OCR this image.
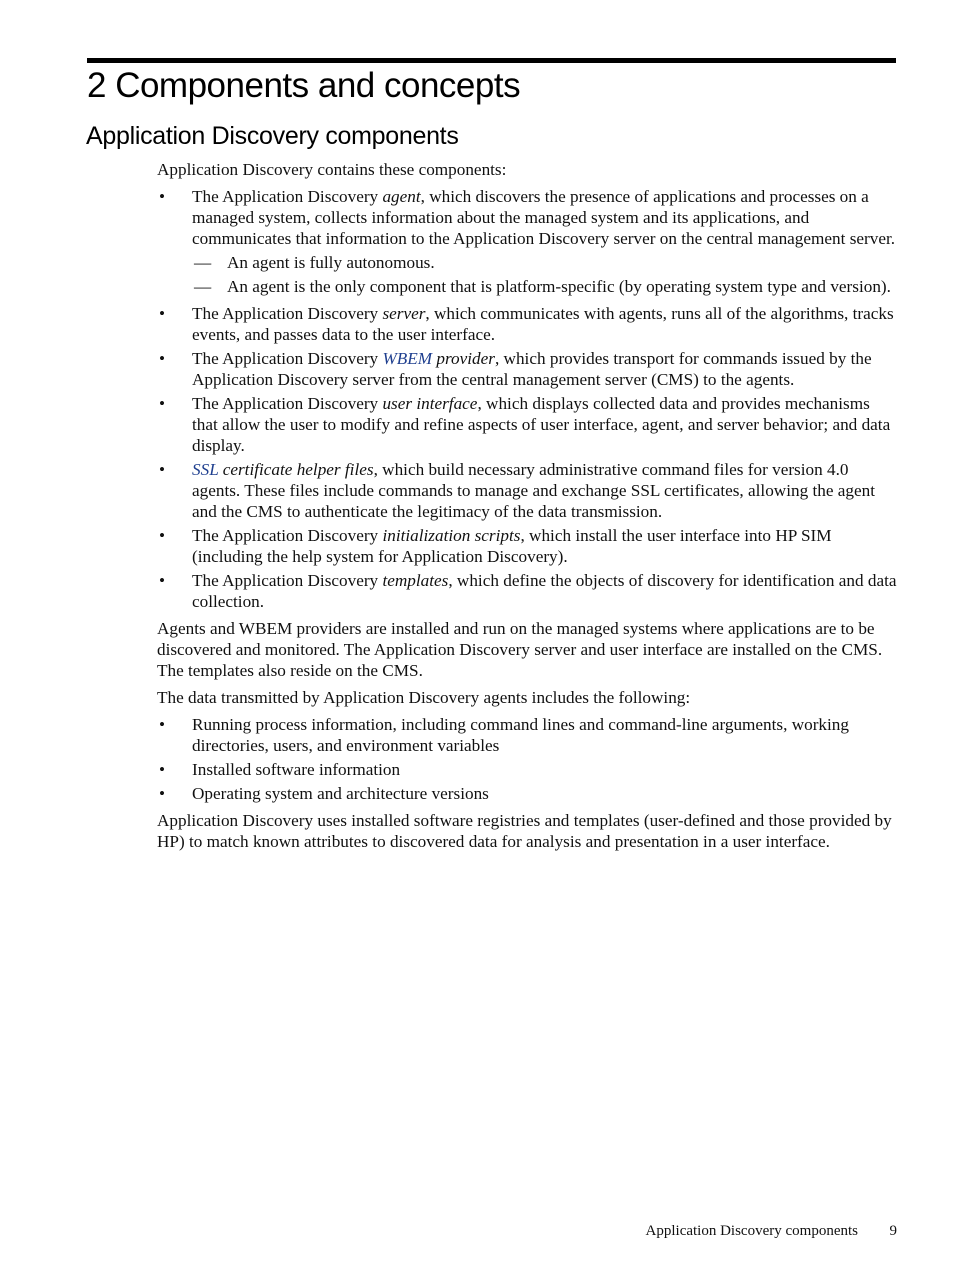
2 Components and concepts
Application Discovery components

Application Discovery contains these components:

• The Application Discovery agent, which discovers the presence of applications and processes on a managed system, collects information about the managed system and its applications, and communicates that information to the Application Discovery server on the central management server.
— An agent is fully autonomous.
— An agent is the only component that is platform-specific (by operating system type and version).
• The Application Discovery server, which communicates with agents, runs all of the algorithms, tracks events, and passes data to the user interface.
• The Application Discovery WBEM provider, which provides transport for commands issued by the Application Discovery server from the central management server (CMS) to the agents.
• The Application Discovery user interface, which displays collected data and provides mechanisms that allow the user to modify and refine aspects of user interface, agent, and server behavior; and data display.
• SSL certificate helper files, which build necessary administrative command files for version 4.0 agents. These files include commands to manage and exchange SSL certificates, allowing the agent and the CMS to authenticate the legitimacy of the data transmission.
• The Application Discovery initialization scripts, which install the user interface into HP SIM (including the help system for Application Discovery).
• The Application Discovery templates, which define the objects of discovery for identification and data collection.

Agents and WBEM providers are installed and run on the managed systems where applications are to be discovered and monitored. The Application Discovery server and user interface are installed on the CMS. The templates also reside on the CMS.

The data transmitted by Application Discovery agents includes the following:

• Running process information, including command lines and command-line arguments, working directories, users, and environment variables
• Installed software information
• Operating system and architecture versions

Application Discovery uses installed software registries and templates (user-defined and those provided by HP) to match known attributes to discovered data for analysis and presentation in a user interface.

Application Discovery components 9
